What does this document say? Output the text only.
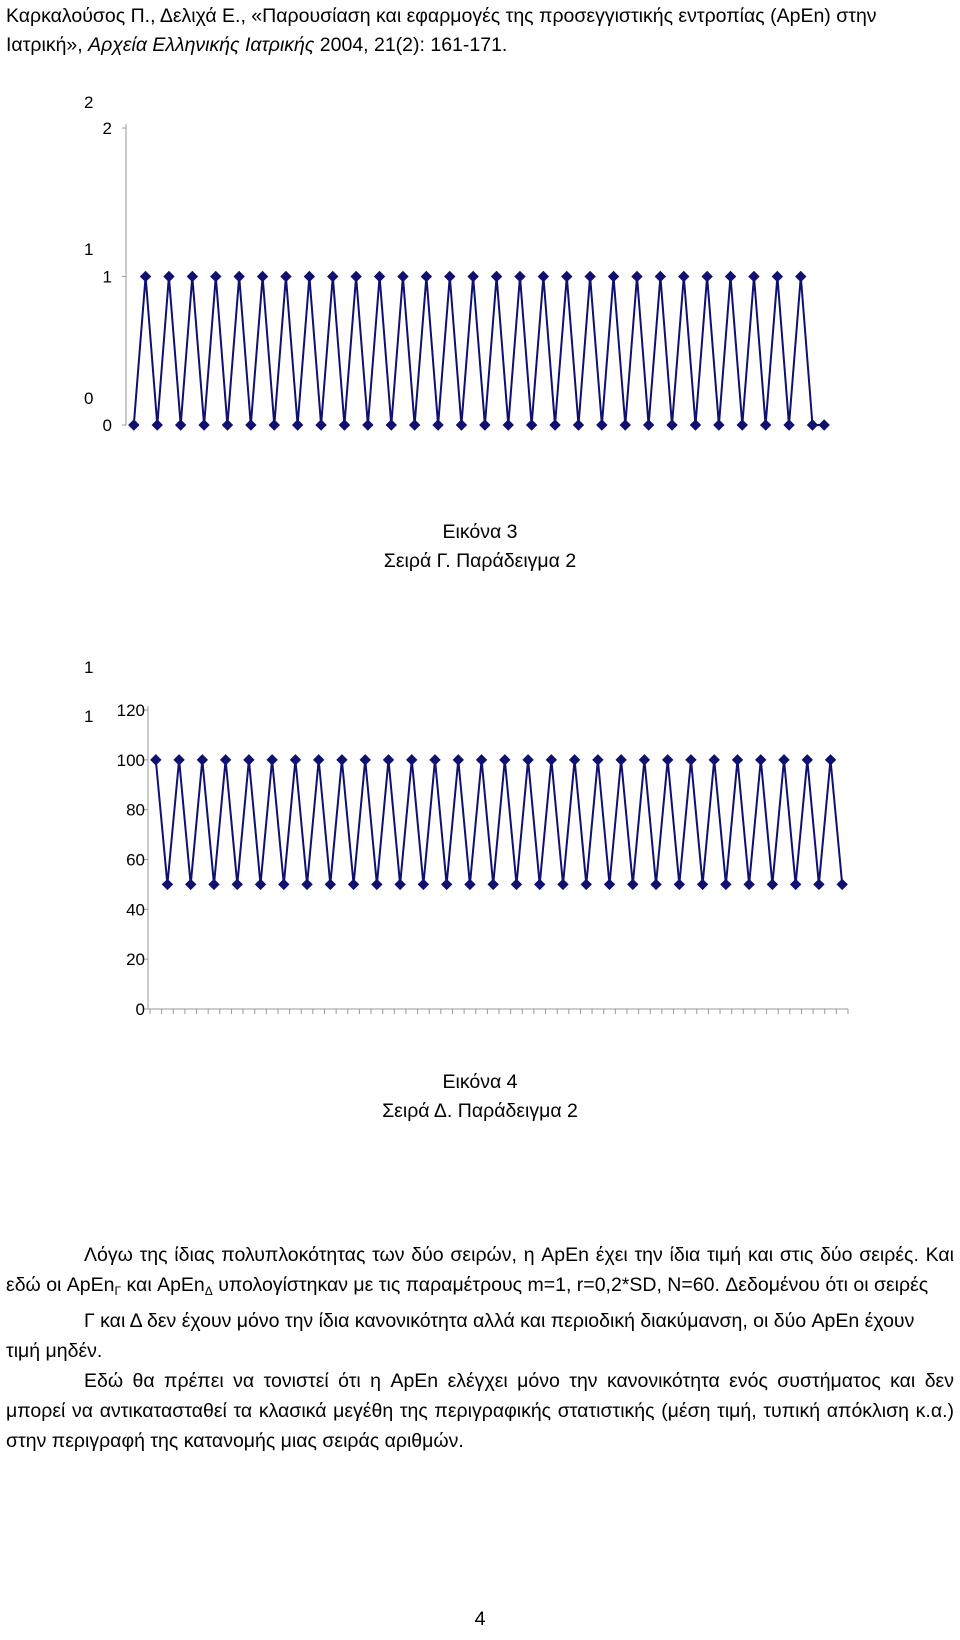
Καρκαλούσος Π., Δελιχά Ε., «Παρουσίαση και εφαρμογές της προσεγγιστικής εντροπίας (ApEn) στην Ιατρική», Αρχεία Ελληνικής Ιατρικής 2004, 21(2): 161-171.
2
1
0
2
1
0
Εικόνα 3
Σειρά Γ. Παράδειγμα 2
1
1 120
100
80
60
40
20
0
Εικόνα 4
Σειρά Δ. Παράδειγμα 2

Λόγω της ίδιας πολυπλοκότητας των δύο σειρών, η ApEn έχει την ίδια τιμή και στις δύο σειρές. Και εδώ οι ApEn$_\Gamma$ και ApEn$_\Delta$ υπολογίστηκαν με τις παραμέτρους m=1, r=0,2*SD, N=60. Δεδομένου ότι οι σειρές

Γ και Δ δεν έχουν μόνο την ίδια κανονικότητα αλλά και περιοδική διακύμανση, οι δύο ApEn έχουν

τιμή μηδέν.

Εδώ θα πρέπει να τονιστεί ότι η ApEn ελέγχει μόνο την κανονικότητα ενός συστήματος και δεν μπορεί να αντικατασταθεί τα κλασικά μεγέθη της περιγραφικής στατιστικής (μέση τιμή, τυπική απόκλιση κ.α.) στην περιγραφή της κατανομής μιας σειράς αριθμών.

4
